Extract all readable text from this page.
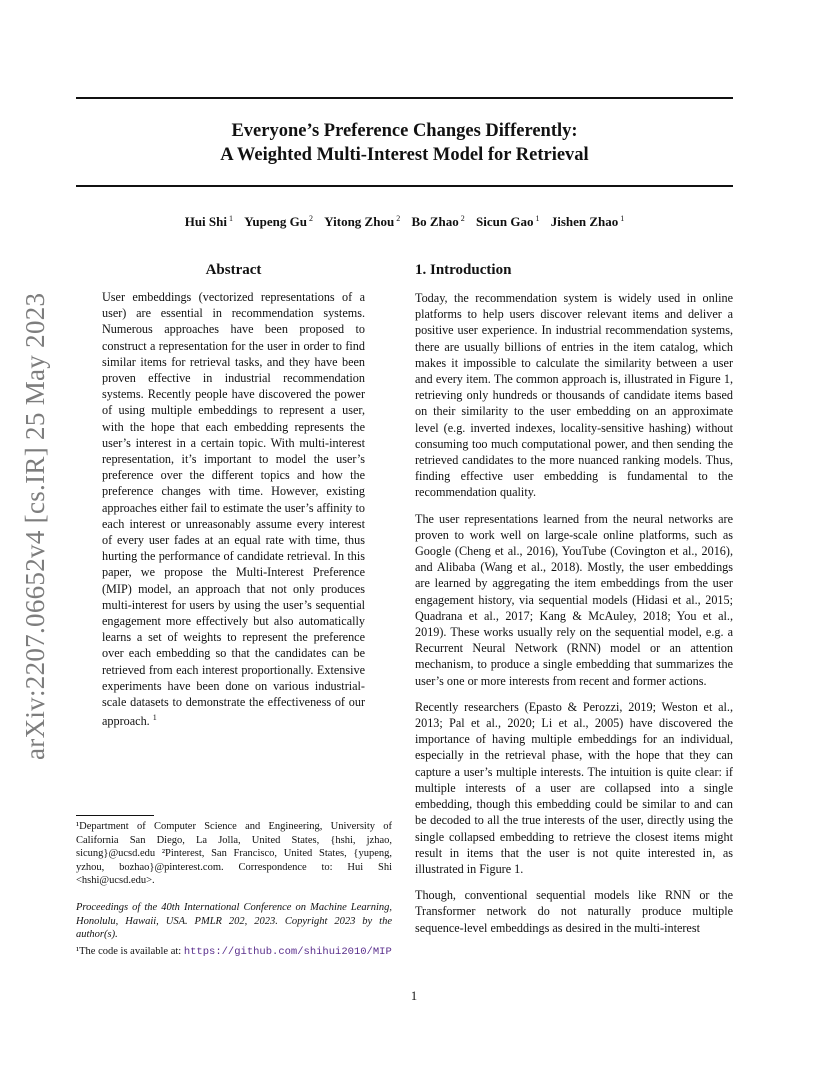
Everyone’s Preference Changes Differently:
A Weighted Multi-Interest Model for Retrieval
Hui Shi $^1$ Yupeng Gu $^2$ Yitong Zhou $^2$ Bo Zhao $^2$ Sicun Gao $^1$ Jishen Zhao $^1$
arXiv:2207.06652v4 [cs.IR] 25 May 2023
Abstract

User embeddings (vectorized representations of a user) are essential in recommendation systems. Numerous approaches have been proposed to construct a representation for the user in order to find similar items for retrieval tasks, and they have been proven effective in industrial recommendation systems. Recently people have discovered the power of using multiple embeddings to represent a user, with the hope that each embedding represents the user’s interest in a certain topic. With multi-interest representation, it’s important to model the user’s preference over the different topics and how the preference changes with time. However, existing approaches either fail to estimate the user’s affinity to each interest or unreasonably assume every interest of every user fades at an equal rate with time, thus hurting the performance of candidate retrieval. In this paper, we propose the Multi-Interest Preference (MIP) model, an approach that not only produces multi-interest for users by using the user’s sequential engagement more effectively but also automatically learns a set of weights to represent the preference over each embedding so that the candidates can be retrieved from each interest proportionally. Extensive experiments have been done on various industrial-scale datasets to demonstrate the effectiveness of our approach. $^1$

1. Introduction

Today, the recommendation system is widely used in online platforms to help users discover relevant items and deliver a positive user experience. In industrial recommendation systems, there are usually billions of entries in the item catalog, which makes it impossible to calculate the similarity between a user and every item. The common approach is, illustrated in Figure 1, retrieving only hundreds or thousands of candidate items based on their similarity to the user embedding on an approximate level (e.g. inverted indexes, locality-sensitive hashing) without consuming too much computational power, and then sending the retrieved candidates to the more nuanced ranking models. Thus, finding effective user embedding is fundamental to the recommendation quality.

The user representations learned from the neural networks are proven to work well on large-scale online platforms, such as Google (Cheng et al., 2016), YouTube (Covington et al., 2016), and Alibaba (Wang et al., 2018). Mostly, the user embeddings are learned by aggregating the item embeddings from the user engagement history, via sequential models (Hidasi et al., 2015; Quadrana et al., 2017; Kang & McAuley, 2018; You et al., 2019). These works usually rely on the sequential model, e.g. a Recurrent Neural Network (RNN) model or an attention mechanism, to produce a single embedding that summarizes the user’s one or more interests from recent and former actions.

Recently researchers (Epasto & Perozzi, 2019; Weston et al., 2013; Pal et al., 2020; Li et al., 2005) have discovered the importance of having multiple embeddings for an individual, especially in the retrieval phase, with the hope that they can capture a user’s multiple interests. The intuition is quite clear: if multiple interests of a user are collapsed into a single embedding, though this embedding could be similar to and can be decoded to all the true interests of the user, directly using the single collapsed embedding to retrieve the closest items might result in items that the user is not quite interested in, as illustrated in Figure 1.

Though, conventional sequential models like RNN or the Transformer network do not naturally produce multiple sequence-level embeddings as desired in the multi-interest

¹Department of Computer Science and Engineering, University of California San Diego, La Jolla, United States, {hshi, jzhao, sicung}@ucsd.edu ²Pinterest, San Francisco, United States, {yupeng, yzhou, bozhao}@pinterest.com. Correspondence to: Hui Shi <hshi@ucsd.edu>.

Proceedings of the 40th International Conference on Machine Learning, Honolulu, Hawaii, USA. PMLR 202, 2023. Copyright 2023 by the author(s).

¹The code is available at: https://github.com/shihui2010/MIP

1
